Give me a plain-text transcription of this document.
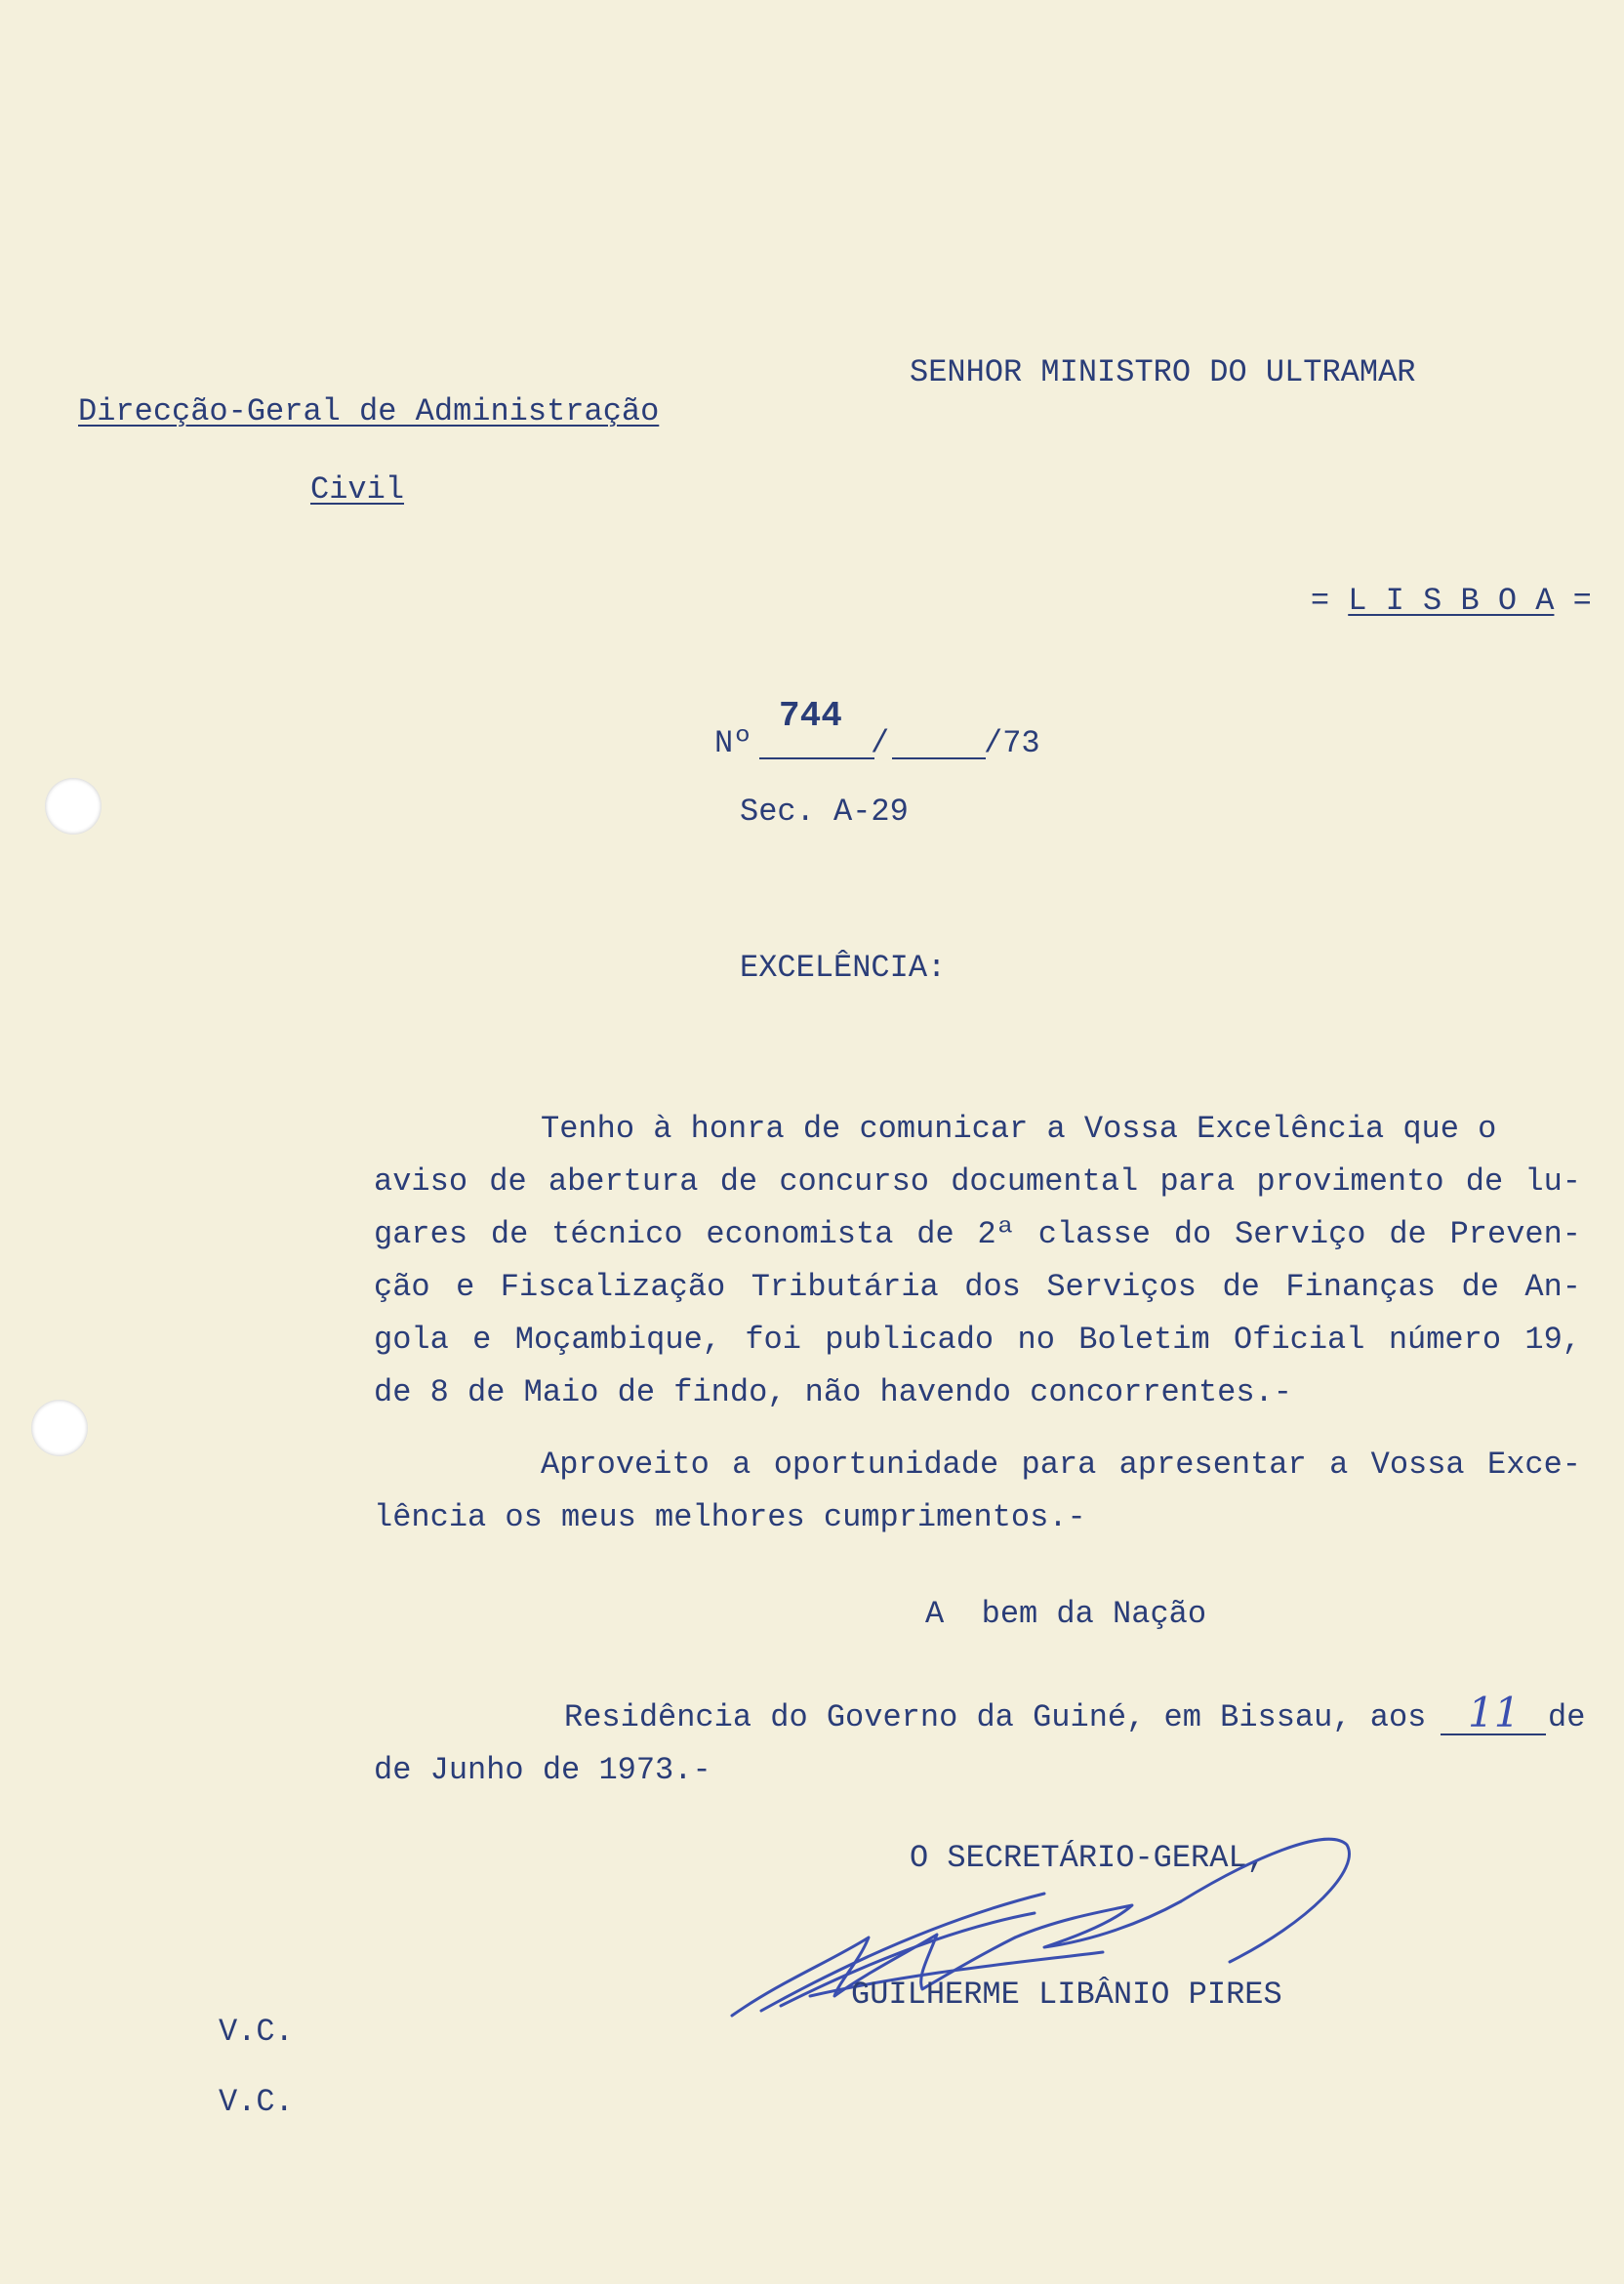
SENHOR MINISTRO DO ULTRAMAR
Direcção-Geral de Administração
Civil

= L I S B O A =

Nº
744
/	/73
Sec. A-29
EXCELÊNCIA:
Tenho à honra de comunicar a Vossa Excelência que o
aviso de abertura de concurso documental para provimento de lu-
gares de técnico economista de 2ª classe do Serviço de Preven-
ção e Fiscalização Tributária dos Serviços de Finanças de An-
gola e Moçambique, foi publicado no Boletim Oficial número 19,
de 8 de Maio de findo, não havendo concorrentes.-
Aproveito a oportunidade para apresentar a Vossa Exce-
lência os meus melhores cumprimentos.-
A  bem da Nação
Residência do Governo da Guiné, em Bissau, aos 11 de
de Junho de 1973.-
O SECRETÁRIO-GERAL,
GUILHERME LIBÂNIO PIRES
V.C.
V.C.
